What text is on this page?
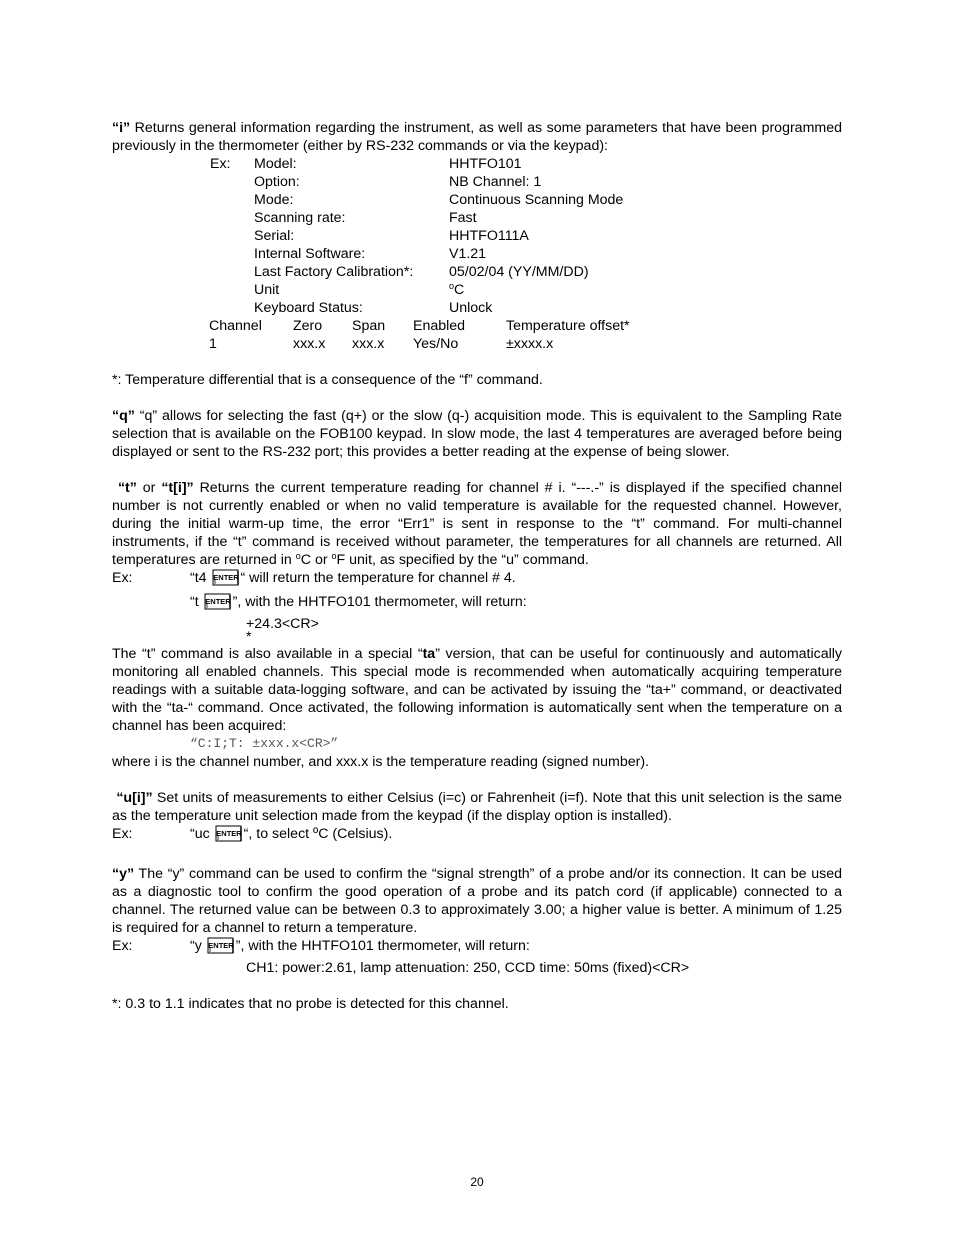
“i” Returns general information regarding the instrument, as well as some parameters that have been programmed previously in the thermometer (either by RS-232 commands or via the keypad):
Ex: Model:	HHTFO101
Option:	NB Channel: 1
Mode:	Continuous Scanning Mode
Scanning rate:	Fast
Serial:	HHTFO111A
Internal Software:	V1.21
Last Factory Calibration*:	05/02/04 (YY/MM/DD)
Unit	$^o$C
Keyboard Status:	Unlock
Channel Zero Span Enabled	Temperature offset*
1	xxx.x xxx.x Yes/No	±xxxx.x
*: Temperature differential that is a consequence of the “f” command.
“q” “q” allows for selecting the fast (q+) or the slow (q-) acquisition mode. This is equivalent to the Sampling Rate selection that is available on the FOB100 keypad. In slow mode, the last 4 temperatures are averaged before being displayed or sent to the RS-232 port; this provides a better reading at the expense of being slower.
“t” or “t[i]” Returns the current temperature reading for channel # i. “---.-” is displayed if the specified channel number is not currently enabled or when no valid temperature is available for the requested channel. However, during the initial warm-up time, the error “Err1” is sent in response to the “t” command. For multi-channel instruments, if the “t” command is received without parameter, the temperatures for all channels are returned. All temperatures are returned in $^o$C or $^o$F unit, as specified by the “u” command.
Ex:	“t4 “ will return the temperature for channel # 4.
“t ”, with the HHTFO101 thermometer, will return:
+24.3<CR>
*
The “t” command is also available in a special “ta” version, that can be useful for continuously and automatically monitoring all enabled channels. This special mode is recommended when automatically acquiring temperature readings with a suitable data-logging software, and can be activated by issuing the “ta+” command, or deactivated with the “ta-“ command. Once activated, the following information is automatically sent when the temperature on a channel has been acquired:
“C:I;T: ±xxx.x<CR>”
where i is the channel number, and xxx.x is the temperature reading (signed number).
“u[i]” Set units of measurements to either Celsius (i=c) or Fahrenheit (i=f). Note that this unit selection is the same as the temperature unit selection made from the keypad (if the display option is installed).
Ex:	“uc “, to select ºC (Celsius).
“y” The “y” command can be used to confirm the “signal strength” of a probe and/or its connection. It can be used as a diagnostic tool to confirm the good operation of a probe and its patch cord (if applicable) connected to a channel. The returned value can be between 0.3 to approximately 3.00; a higher value is better. A minimum of 1.25 is required for a channel to return a temperature.
Ex:	“y ”, with the HHTFO101 thermometer, will return:
CH1: power:2.61, lamp attenuation: 250, CCD time: 50ms (fixed)<CR>
*: 0.3 to 1.1 indicates that no probe is detected for this channel.
20
